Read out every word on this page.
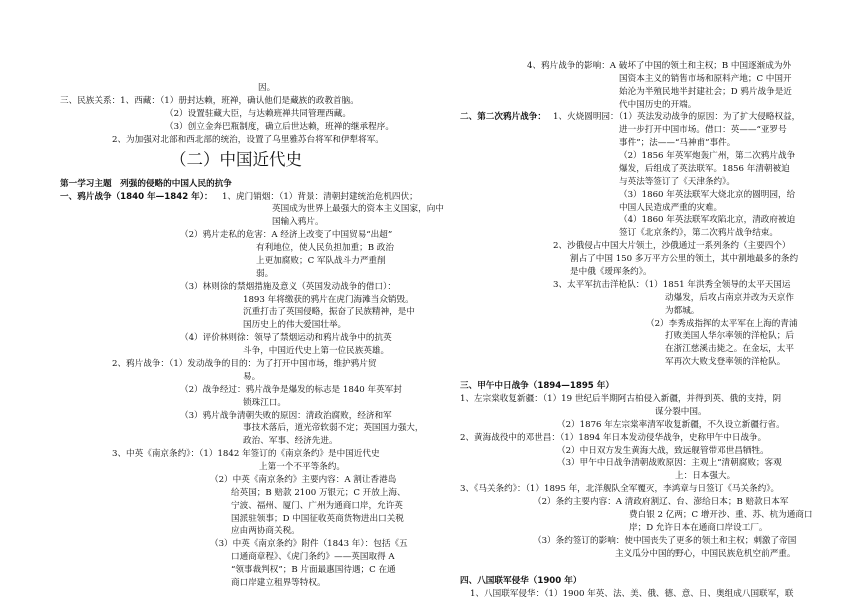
因。
三、民族关系：1、西藏：（1）册封达赖，班禅，确认他们是藏族的政教首脑。
（2）设置驻藏大臣，与达赖班禅共同管理西藏。
（3）创立金奔巴瓶制度，确立后世达赖，班禅的继承程序。
2、为加强对北部和西北部的统治，设置了乌里雅苏台将军和伊犁将军。
（二）中国近代史
第一学习主题　列强的侵略的中国人民的抗争
一、鸦片战争（1840 年—1842 年）： 1、虎门销烟：（1）背景：清朝封建统治危机四伏；
英国成为世界上最强大的资本主义国家，向中
国输入鸦片。
（2）鸦片走私的危害：A 经济上改变了中国贸易“出超”
有利地位，使人民负担加重；B 政治
上更加腐败；C 军队战斗力严重削
弱。
（3）林则徐的禁烟措施及意义（英国发动战争的借口）：
1893 年将缴获的鸦片在虎门海滩当众销毁。
沉重打击了英国侵略，振奋了民族精神，是中
国历史上的伟大爱国壮举。
（4）评价林则徐：领导了禁烟运动和鸦片战争中的抗英
斗争，中国近代史上第一位民族英雄。
2、鸦片战争：（1）发动战争的目的：为了打开中国市场，维护鸦片贸
易。
（2）战争经过：鸦片战争是爆发的标志是 1840 年英军封
锁珠江口。
（3）鸦片战争清朝失败的原因：清政治腐败，经济和军
事技术落后，道光帝软弱不定；英国国力强大，
政治、军事、经济先进。
3、中英《南京条约》：（1）1842 年签订的《南京条约》是中国近代史
上第一个不平等条约。
（2）中英《南京条约》主要内容：A 割让香港岛
给英国；B 赔款 2100 万银元；C 开放上海、
宁波、福州、厦门、广州为通商口岸，允许英
国派驻领事；D 中国征收英商货物进出口关税
应由两协商关税。
（3）中英《南京条约》附件（1843 年）：包括《五
口通商章程》、《虎门条约》——英国取得 A
“领事裁判权”；B 片面最惠国待遇；C 在通
商口岸建立租界等特权。
4、鸦片战争的影响：A 破坏了中国的领土和主权；B 中国逐渐成为外
国资本主义的销售市场和原料产地；C 中国开
始沦为半殖民地半封建社会；D 鸦片战争是近
代中国历史的开端。
二、第二次鸦片战争： 1、火烧圆明园：（1）英法发动战争的原因：为了扩大侵略权益，
进一步打开中国市场。借口：英——“亚罗号
事件”；法——“马神甫”事件。
（2）1856 年英军炮轰广州，第二次鸦片战争
爆发，后组成了英法联军。1856 年清朝被迫
与英法等签订了《天津条约》。
（3）1860 年英法联军大烧北京的圆明园，给
中国人民造成严重的灾难。
（4）1860 年英法联军攻陷北京，清政府被迫
签订《北京条约》，第二次鸦片战争结束。
2、沙俄侵占中国大片领土，沙俄通过一系列条约（主要四个）
割占了中国 150 多万平方公里的领土，其中割地最多的条约
是中俄《瑷珲条约》。
3、太平军抗击洋枪队：（1）1851 年洪秀全领导的太平天国运
动爆发，后攻占南京并改为天京作
为都城。
（2）李秀成指挥的太平军在上海的青浦
打败美国人华尔率领的洋枪队；后
在浙江慈溪击毙之。在金坛，太平
军再次大败戈登率领的洋枪队。
三、甲午中日战争（1894—1895 年）
1、左宗棠收复新疆：（1）19 世纪后半期阿古柏侵入新疆，并得到英、俄的支持，阴
谋分裂中国。
（2）1876 年左宗棠率清军收复新疆，不久设立新疆行省。
2、黄海战役中的邓世昌：（1）1894 年日本发动侵华战争，史称甲午中日战争。
（2）中日双方发生黄海大战，致远舰管带邓世昌牺牲。
（3）甲午中日战争清朝战败原因：主观上“清朝腐败；客观
上：日本强大。
3、《马关条约》：（1）1895 年，北洋舰队全军覆灭，李鸿章与日签订《马关条约》。
（2）条约主要内容：A 清政府割辽、台、澎给日本；B 赔款日本军
费白银 2 亿两；C 增开沙、重、苏、杭为通商口
岸；D 允许日本在通商口岸设工厂。
（3）条约签订的影响：使中国丧失了更多的领土和主权；刺激了帝国
主义瓜分中国的野心，中国民族危机空前严重。
四、八国联军侵华（1900 年）
1、八国联军侵华：（1）1900 年英、法、美、俄、德、意、日、奥组成八国联军，联
